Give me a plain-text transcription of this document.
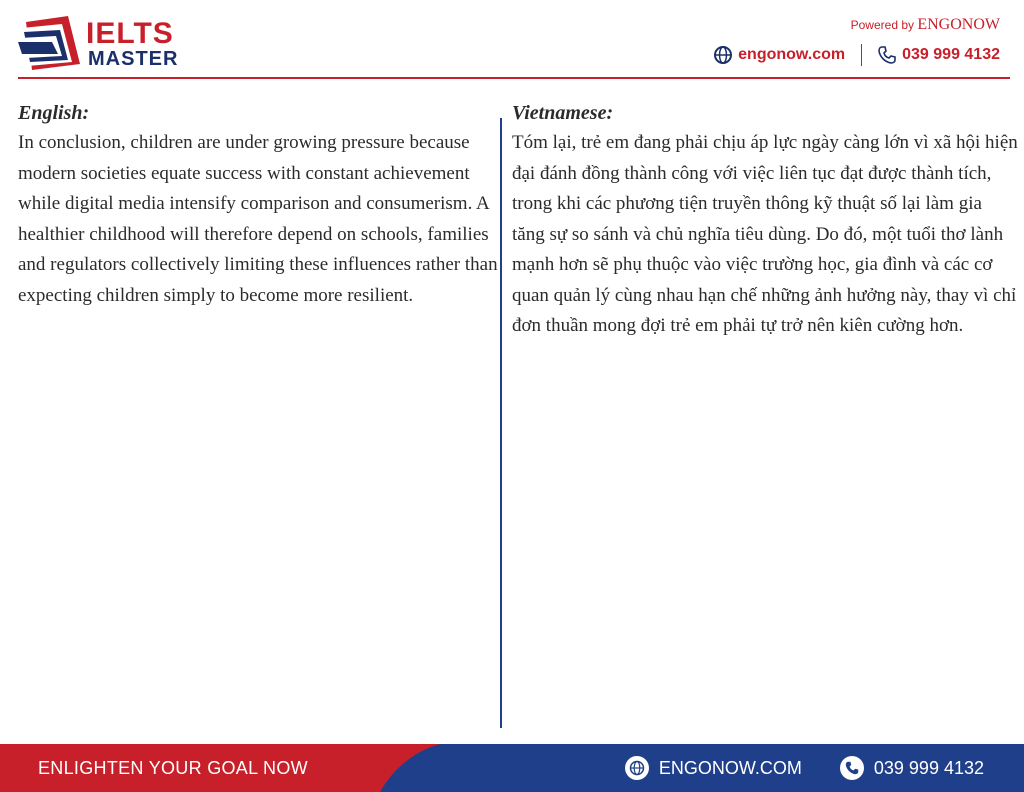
IELTS
MASTER
Powered by ENGONOW
engonow.com	039 999 4132
English:

In conclusion, children are under growing pressure because modern societies equate success with constant achievement while digital media intensify comparison and consumerism. A healthier childhood will therefore depend on schools, families and regulators collectively limiting these influences rather than expecting children simply to become more resilient.

Vietnamese:

Tóm lại, trẻ em đang phải chịu áp lực ngày càng lớn vì xã hội hiện đại đánh đồng thành công với việc liên tục đạt được thành tích, trong khi các phương tiện truyền thông kỹ thuật số lại làm gia tăng sự so sánh và chủ nghĩa tiêu dùng. Do đó, một tuổi thơ lành mạnh hơn sẽ phụ thuộc vào việc trường học, gia đình và các cơ quan quản lý cùng nhau hạn chế những ảnh hưởng này, thay vì chỉ đơn thuần mong đợi trẻ em phải tự trở nên kiên cường hơn.

ENLIGHTEN YOUR GOAL NOW	ENGONOW.COM	039 999 4132
